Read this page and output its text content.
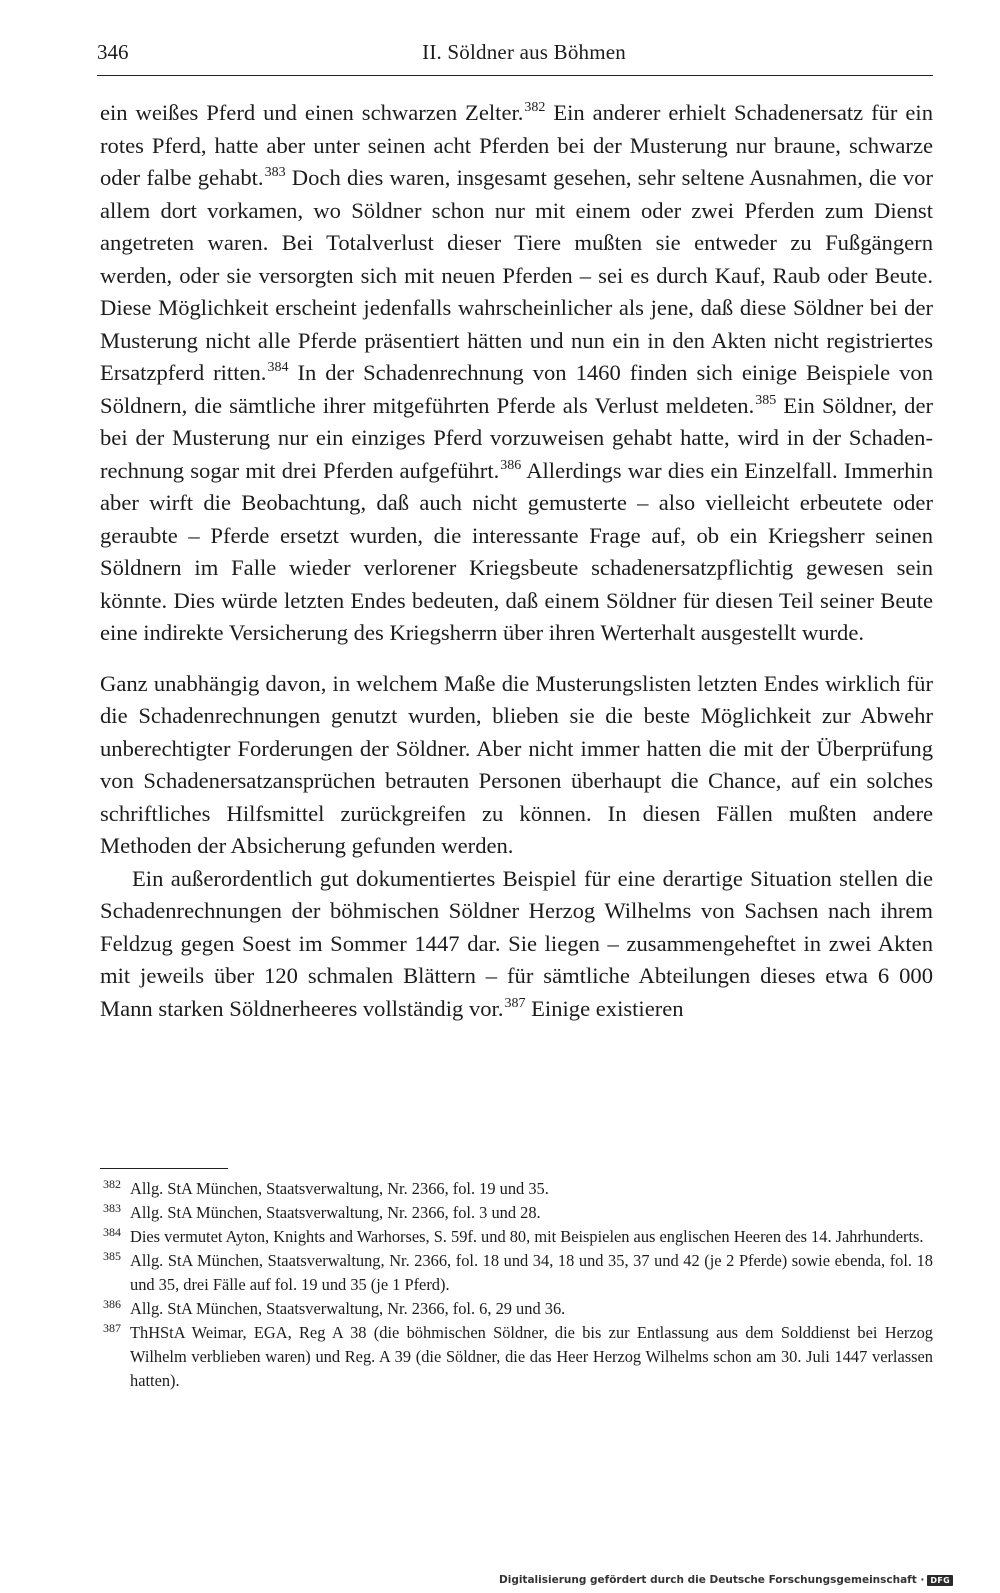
346	II. Söldner aus Böhmen

ein weißes Pferd und einen schwarzen Zelter.$^{382}$ Ein anderer erhielt Schadenersatz für ein rotes Pferd, hatte aber unter seinen acht Pferden bei der Musterung nur braune, schwarze oder falbe gehabt.$^{383}$ Doch dies waren, insgesamt gesehen, sehr seltene Ausnahmen, die vor allem dort vorkamen, wo Söldner schon nur mit einem oder zwei Pferden zum Dienst angetreten waren. Bei Totalverlust dieser Tiere mußten sie entweder zu Fußgängern werden, oder sie versorgten sich mit neuen Pferden – sei es durch Kauf, Raub oder Beute. Diese Möglichkeit erscheint jedenfalls wahrscheinlicher als jene, daß diese Söldner bei der Musterung nicht alle Pferde präsentiert hätten und nun ein in den Akten nicht registriertes Ersatzpferd ritten.$^{384}$ In der Schadenrechnung von 1460 finden sich einige Beispiele von Söldnern, die sämtliche ihrer mitgeführten Pferde als Verlust meldeten.$^{385}$ Ein Söldner, der bei der Musterung nur ein einziges Pferd vorzuweisen gehabt hatte, wird in der Schadenrechnung sogar mit drei Pferden aufgeführt.$^{386}$ Allerdings war dies ein Einzelfall. Immerhin aber wirft die Beobachtung, daß auch nicht gemusterte – also vielleicht erbeutete oder geraubte – Pferde ersetzt wurden, die interessante Frage auf, ob ein Kriegsherr seinen Söldnern im Falle wieder verlorener Kriegsbeute schadenersatzpflichtig gewesen sein könnte. Dies würde letzten Endes bedeuten, daß einem Söldner für diesen Teil seiner Beute eine indirekte Versicherung des Kriegsherrn über ihren Werterhalt ausgestellt wurde.

Ganz unabhängig davon, in welchem Maße die Musterungslisten letzten Endes wirklich für die Schadenrechnungen genutzt wurden, blieben sie die beste Möglichkeit zur Abwehr unberechtigter Forderungen der Söldner. Aber nicht immer hatten die mit der Überprüfung von Schadenersatzansprüchen betrauten Personen überhaupt die Chance, auf ein solches schriftliches Hilfsmittel zurückgreifen zu können. In diesen Fällen mußten andere Methoden der Absicherung gefunden werden.

Ein außerordentlich gut dokumentiertes Beispiel für eine derartige Situation stellen die Schadenrechnungen der böhmischen Söldner Herzog Wilhelms von Sachsen nach ihrem Feldzug gegen Soest im Sommer 1447 dar. Sie liegen – zusammengeheftet in zwei Akten mit jeweils über 120 schmalen Blättern – für sämtliche Abteilungen dieses etwa 6 000 Mann starken Söldnerheeres vollständig vor.$^{387}$ Einige existieren

382 Allg. StA München, Staatsverwaltung, Nr. 2366, fol. 19 und 35.
383 Allg. StA München, Staatsverwaltung, Nr. 2366, fol. 3 und 28.
384 Dies vermutet Ayton, Knights and Warhorses, S. 59f. und 80, mit Beispielen aus englischen Heeren des 14. Jahrhunderts.
385 Allg. StA München, Staatsverwaltung, Nr. 2366, fol. 18 und 34, 18 und 35, 37 und 42 (je 2 Pferde) sowie ebenda, fol. 18 und 35, drei Fälle auf fol. 19 und 35 (je 1 Pferd).
386 Allg. StA München, Staatsverwaltung, Nr. 2366, fol. 6, 29 und 36.
387 ThHStA Weimar, EGA, Reg A 38 (die böhmischen Söldner, die bis zur Entlassung aus dem Solddienst bei Herzog Wilhelm verblieben waren) und Reg. A 39 (die Söldner, die das Heer Herzog Wilhelms schon am 30. Juli 1447 verlassen hatten).
Digitalisierung gefördert durch die Deutsche Forschungsgemeinschaft · DFG
